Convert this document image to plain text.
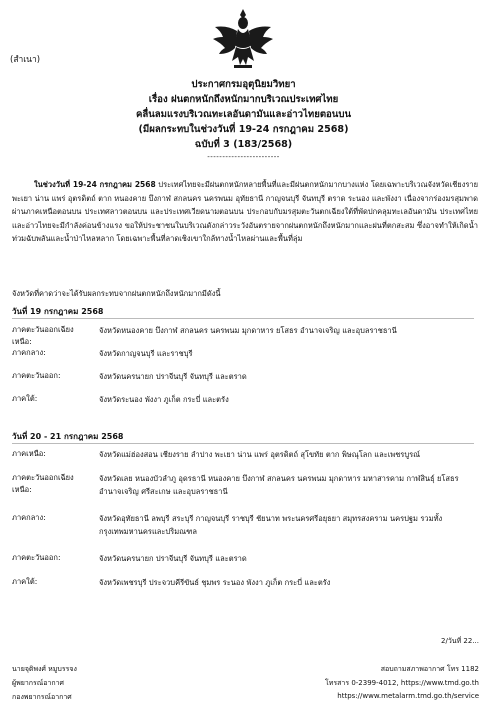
(สำเนา)
ประกาศกรมอุตุนิยมวิทยา
เรื่อง ฝนตกหนักถึงหนักมากบริเวณประเทศไทย
คลื่นลมแรงบริเวณทะเลอันดามันและอ่าวไทยตอนบน
(มีผลกระทบในช่วงวันที่ 19-24 กรกฎาคม 2568)
ฉบับที่ 3 (183/2568)
------------------------

ในช่วงวันที่ 19-24 กรกฎาคม 2568 ประเทศไทยจะมีฝนตกหนักหลายพื้นที่และมีฝนตกหนักมากบางแห่ง โดยเฉพาะบริเวณจังหวัดเชียงราย พะเยา น่าน แพร่ อุตรดิตถ์ ตาก หนองคาย บึงกาฬ สกลนคร นครพนม อุทัยธานี กาญจนบุรี จันทบุรี ตราด ระนอง และพังงา เนื่องจากร่องมรสุมพาดผ่านภาคเหนือตอนบน ประเทศลาวตอนบน และประเทศเวียดนามตอนบน ประกอบกับมรสุมตะวันตกเฉียงใต้ที่พัดปกคลุมทะเลอันดามัน ประเทศไทย และอ่าวไทยจะมีกำลังค่อนข้างแรง ขอให้ประชาชนในบริเวณดังกล่าวระวังอันตรายจากฝนตกหนักถึงหนักมากและฝนที่ตกสะสม ซึ่งอาจทำให้เกิดน้ำท่วมฉับพลันและน้ำป่าไหลหลาก โดยเฉพาะพื้นที่ลาดเชิงเขาใกล้ทางน้ำไหลผ่านและพื้นที่ลุ่ม

จังหวัดที่คาดว่าจะได้รับผลกระทบจากฝนตกหนักถึงหนักมากมีดังนี้
วันที่ 19 กรกฎาคม 2568
ภาคตะวันออกเฉียงเหนือ:
จังหวัดหนองคาย บึงกาฬ สกลนคร นครพนม มุกดาหาร ยโสธร อำนาจเจริญ และอุบลราชธานี
ภาคกลาง:	จังหวัดกาญจนบุรี และราชบุรี
ภาคตะวันออก:	จังหวัดนครนายก ปราจีนบุรี จันทบุรี และตราด
ภาคใต้:	จังหวัดระนอง พังงา ภูเก็ต กระบี่ และตรัง
วันที่ 20 - 21 กรกฎาคม 2568
ภาคเหนือ:	จังหวัดแม่ฮ่องสอน เชียงราย ลำปาง พะเยา น่าน แพร่ อุตรดิตถ์ สุโขทัย ตาก พิษณุโลก และเพชรบูรณ์
ภาคตะวันออกเฉียงเหนือ:
จังหวัดเลย หนองบัวลำภู อุดรธานี หนองคาย บึงกาฬ สกลนคร นครพนม มุกดาหาร มหาสารคาม กาฬสินธุ์ ยโสธร อำนาจเจริญ ศรีสะเกษ และอุบลราชธานี
ภาคกลาง:	จังหวัดอุทัยธานี ลพบุรี สระบุรี กาญจนบุรี ราชบุรี ชัยนาท พระนครศรีอยุธยา สมุทรสงคราม นครปฐม รวมทั้งกรุงเทพมหานครและปริมณฑล
ภาคตะวันออก:	จังหวัดนครนายก ปราจีนบุรี จันทบุรี และตราด
ภาคใต้:	จังหวัดเพชรบุรี ประจวบคีรีขันธ์ ชุมพร ระนอง พังงา ภูเก็ต กระบี่ และตรัง
2/วันที่ 22...
นายจุติพงศ์ หมูบรรจง
ผู้พยากรณ์อากาศ
กองพยากรณ์อากาศ
สอบถามสภาพอากาศ โทร 1182
โทรสาร 0-2399-4012, https://www.tmd.go.th
https://www.metalarm.tmd.go.th/service
